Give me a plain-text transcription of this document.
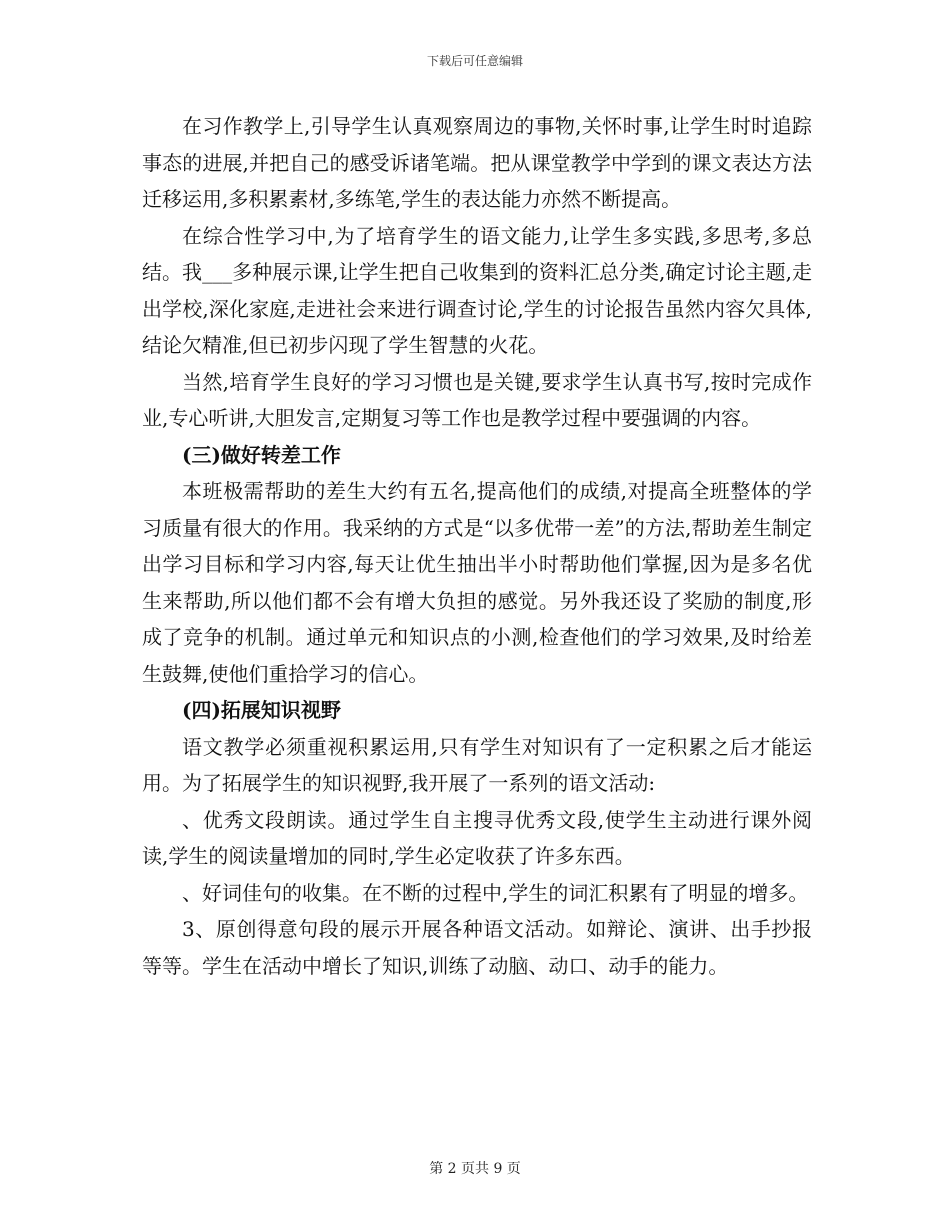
下载后可任意编辑

在习作教学上,引导学生认真观察周边的事物,关怀时事,让学生时时追踪事态的进展,并把自己的感受诉诸笔端。把从课堂教学中学到的课文表达方法迁移运用,多积累素材,多练笔,学生的表达能力亦然不断提高。

在综合性学习中,为了培育学生的语文能力,让学生多实践,多思考,多总结。我___多种展示课,让学生把自己收集到的资料汇总分类,确定讨论主题,走出学校,深化家庭,走进社会来进行调查讨论,学生的讨论报告虽然内容欠具体,结论欠精准,但已初步闪现了学生智慧的火花。

当然,培育学生良好的学习习惯也是关键,要求学生认真书写,按时完成作业,专心听讲,大胆发言,定期复习等工作也是教学过程中要强调的内容。

(三)做好转差工作

本班极需帮助的差生大约有五名,提高他们的成绩,对提高全班整体的学习质量有很大的作用。我采纳的方式是“以多优带一差”的方法,帮助差生制定出学习目标和学习内容,每天让优生抽出半小时帮助他们掌握,因为是多名优生来帮助,所以他们都不会有增大负担的感觉。另外我还设了奖励的制度,形成了竞争的机制。通过单元和知识点的小测,检查他们的学习效果,及时给差生鼓舞,使他们重拾学习的信心。

(四)拓展知识视野

语文教学必须重视积累运用,只有学生对知识有了一定积累之后才能运用。为了拓展学生的知识视野,我开展了一系列的语文活动:

、优秀文段朗读。通过学生自主搜寻优秀文段,使学生主动进行课外阅读,学生的阅读量增加的同时,学生必定收获了许多东西。

、好词佳句的收集。在不断的过程中,学生的词汇积累有了明显的增多。

3、原创得意句段的展示开展各种语文活动。如辩论、演讲、出手抄报等等。学生在活动中增长了知识,训练了动脑、动口、动手的能力。

第 2 页共 9 页
